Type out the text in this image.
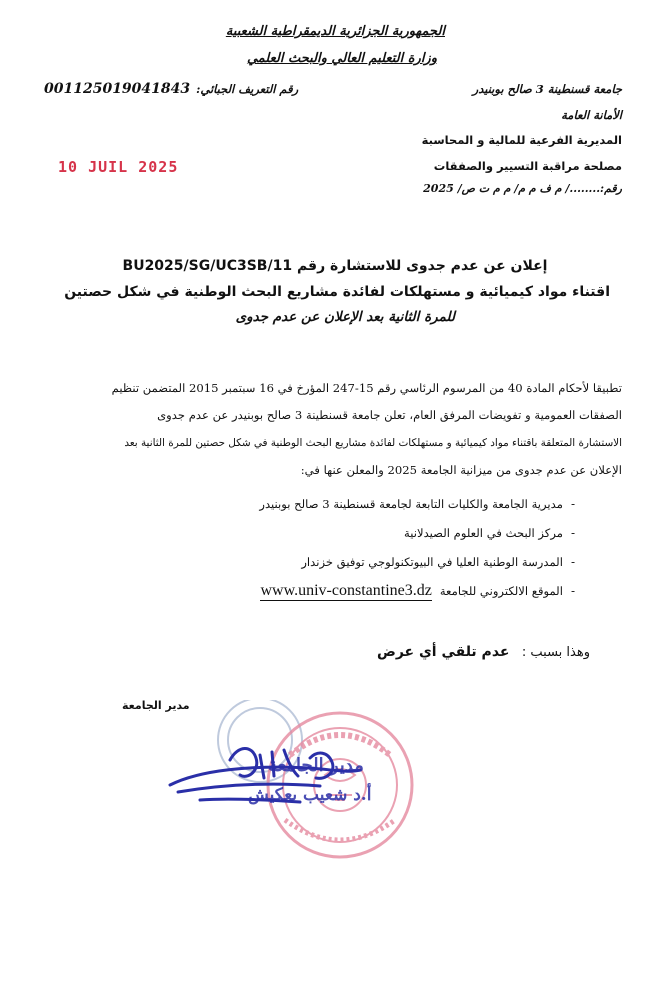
الجمهورية الجزائرية الديمقراطية الشعبية
وزارة التعليم العالي والبحث العلمي
جامعة قسنطينة 3 صالح بوبنيدر
الأمانة العامة
المديرية الفرعية للمالية و المحاسبة
مصلحة مراقبة التسيير والصفقات
رقم:......../ م ف م م/ م م ت ص/ 2025
001125019041843 رقم التعريف الجبائي:
10 JUIL 2025
إعلان عن عدم جدوى للاستشارة رقم BU2025/SG/UC3SB/11
اقتناء مواد كيميائية و مستهلكات لفائدة مشاريع البحث الوطنية في شكل حصتين
للمرة الثانية بعد الإعلان عن عدم جدوى
تطبيقا لأحكام المادة 40 من المرسوم الرئاسي رقم 15-247 المؤرخ في 16 سبتمبر 2015 المتضمن تنظيم
الصفقات العمومية و تفويضات المرفق العام، تعلن جامعة قسنطينة 3 صالح بوبنيدر عن عدم جدوى
الاستشارة المتعلقة باقتناء مواد كيميائية و مستهلكات لفائدة مشاريع البحث الوطنية في شكل حصتين للمرة الثانية بعد
الإعلان عن عدم جدوى من ميزانية الجامعة 2025 والمعلن عنها في:
-
مديرية الجامعة والكليات التابعة لجامعة قسنطينة 3 صالح بوبنيدر
-
مركز البحث في العلوم الصيدلانية
-
المدرسة الوطنية العليا في البيوتكنولوجي توفيق خزندار
-
الموقع الالكتروني للجامعة
www.univ-constantine3.dz
وهذا بسبب :   عدم تلقي أي عرض
مدير الجامعة
مدير الجامعة
أ.د شعيب بعكيش
